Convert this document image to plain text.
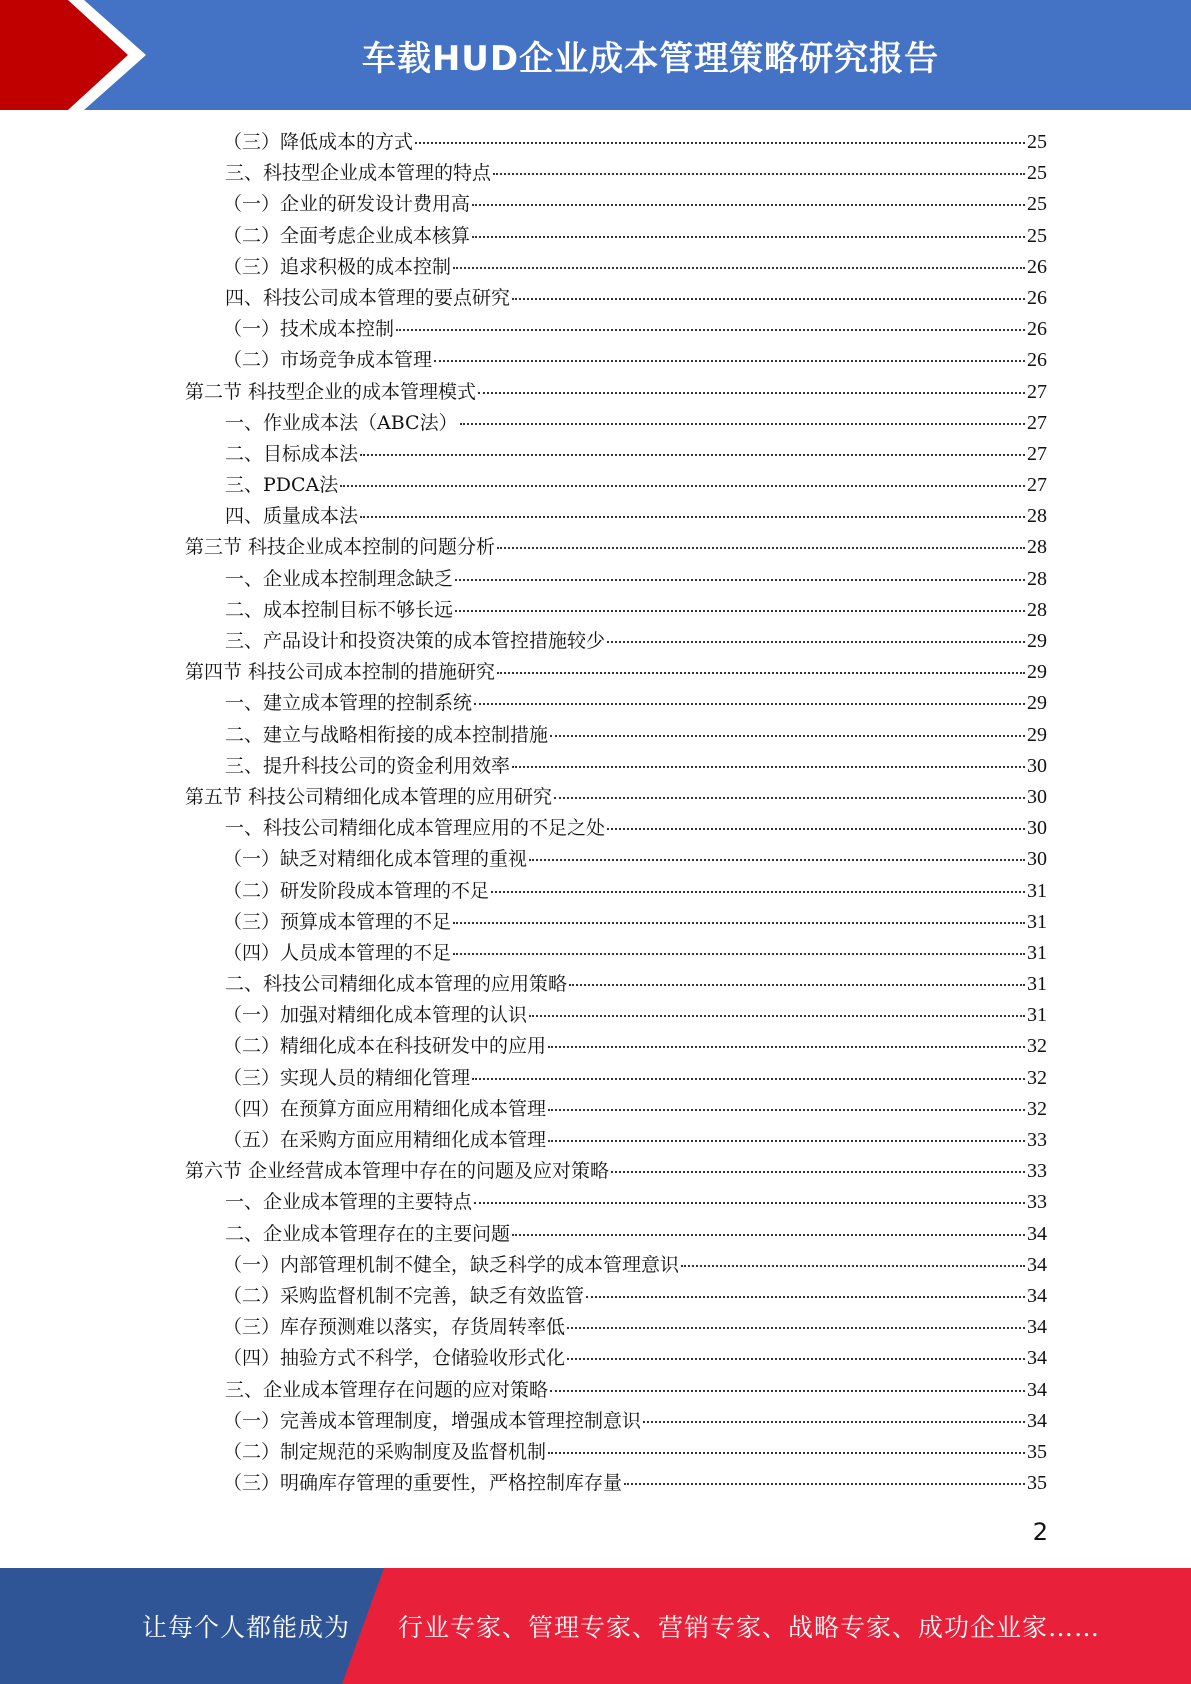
车载HUD企业成本管理策略研究报告
（三）降低成本的方式	25
三、科技型企业成本管理的特点	25
（一）企业的研发设计费用高	25
（二）全面考虑企业成本核算	25
（三）追求积极的成本控制	26
四、科技公司成本管理的要点研究	26
（一）技术成本控制	26
（二）市场竞争成本管理	26
第二节 科技型企业的成本管理模式	27
一、作业成本法（ABC法）	27
二、目标成本法	27
三、PDCA法	27
四、质量成本法	28
第三节 科技企业成本控制的问题分析	28
一、企业成本控制理念缺乏	28
二、成本控制目标不够长远	28
三、产品设计和投资决策的成本管控措施较少	29
第四节 科技公司成本控制的措施研究	29
一、建立成本管理的控制系统	29
二、建立与战略相衔接的成本控制措施	29
三、提升科技公司的资金利用效率	30
第五节 科技公司精细化成本管理的应用研究	30
一、科技公司精细化成本管理应用的不足之处	30
（一）缺乏对精细化成本管理的重视	30
（二）研发阶段成本管理的不足	31
（三）预算成本管理的不足	31
（四）人员成本管理的不足	31
二、科技公司精细化成本管理的应用策略	31
（一）加强对精细化成本管理的认识	31
（二）精细化成本在科技研发中的应用	32
（三）实现人员的精细化管理	32
（四）在预算方面应用精细化成本管理	32
（五）在采购方面应用精细化成本管理	33
第六节 企业经营成本管理中存在的问题及应对策略	33
一、企业成本管理的主要特点	33
二、企业成本管理存在的主要问题	34
（一）内部管理机制不健全，缺乏科学的成本管理意识	34
（二）采购监督机制不完善，缺乏有效监管	34
（三）库存预测难以落实，存货周转率低	34
（四）抽验方式不科学，仓储验收形式化	34
三、企业成本管理存在问题的应对策略	34
（一）完善成本管理制度，增强成本管理控制意识	34
（二）制定规范的采购制度及监督机制	35
（三）明确库存管理的重要性，严格控制库存量	35
2
让每个人都能成为 行业专家、管理专家、营销专家、战略专家、成功企业家……
